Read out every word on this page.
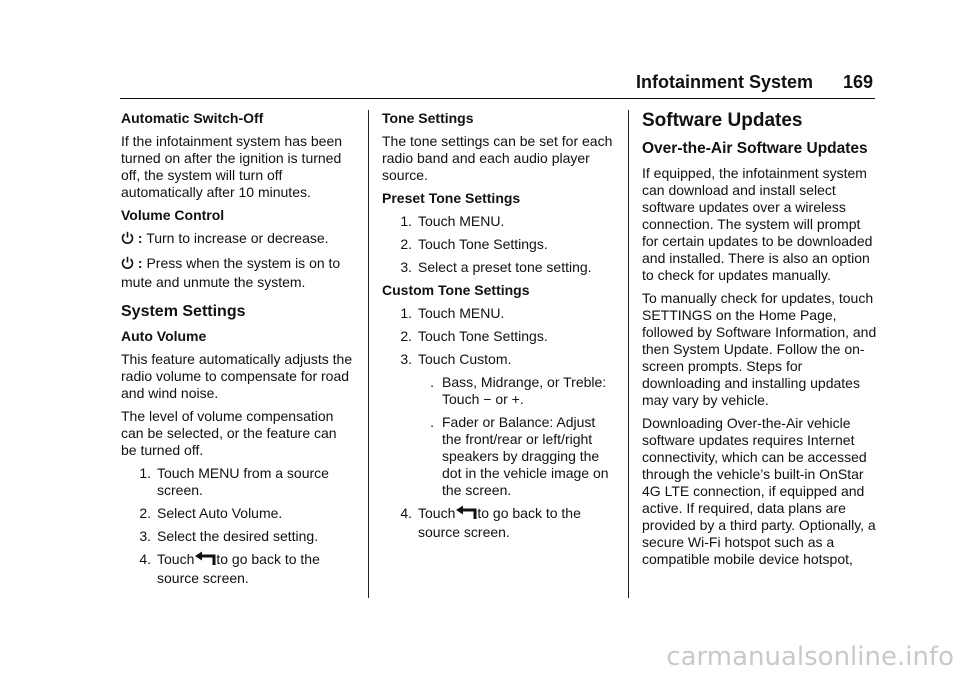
Infotainment System 169

Automatic Switch-Off

If the infotainment system has been turned on after the ignition is turned off, the system will turn off automatically after 10 minutes.

Volume Control

: Turn to increase or decrease.

: Press when the system is on to mute and unmute the system.

System Settings

Auto Volume

This feature automatically adjusts the radio volume to compensate for road and wind noise.

The level of volume compensation can be selected, or the feature can be turned off.

1. Touch MENU from a source screen.
2. Select Auto Volume.
3. Select the desired setting.
4. Touch to go back to the source screen.

Tone Settings

The tone settings can be set for each radio band and each audio player source.

Preset Tone Settings

1. Touch MENU.
2. Touch Tone Settings.
3. Select a preset tone setting.

Custom Tone Settings

1. Touch MENU.
2. Touch Tone Settings.
3. Touch Custom.
. Bass, Midrange, or Treble: Touch − or +.
. Fader or Balance: Adjust the front/rear or left/right speakers by dragging the dot in the vehicle image on the screen.
4. Touch to go back to the source screen.
Software Updates
Over-the-Air Software Updates

If equipped, the infotainment system can download and install select software updates over a wireless connection. The system will prompt for certain updates to be downloaded and installed. There is also an option to check for updates manually.

To manually check for updates, touch SETTINGS on the Home Page, followed by Software Information, and then System Update. Follow the on-screen prompts. Steps for downloading and installing updates may vary by vehicle.

Downloading Over-the-Air vehicle software updates requires Internet connectivity, which can be accessed through the vehicle’s built-in OnStar 4G LTE connection, if equipped and active. If required, data plans are provided by a third party. Optionally, a secure Wi-Fi hotspot such as a compatible mobile device hotspot,

carmanualsonline.info
